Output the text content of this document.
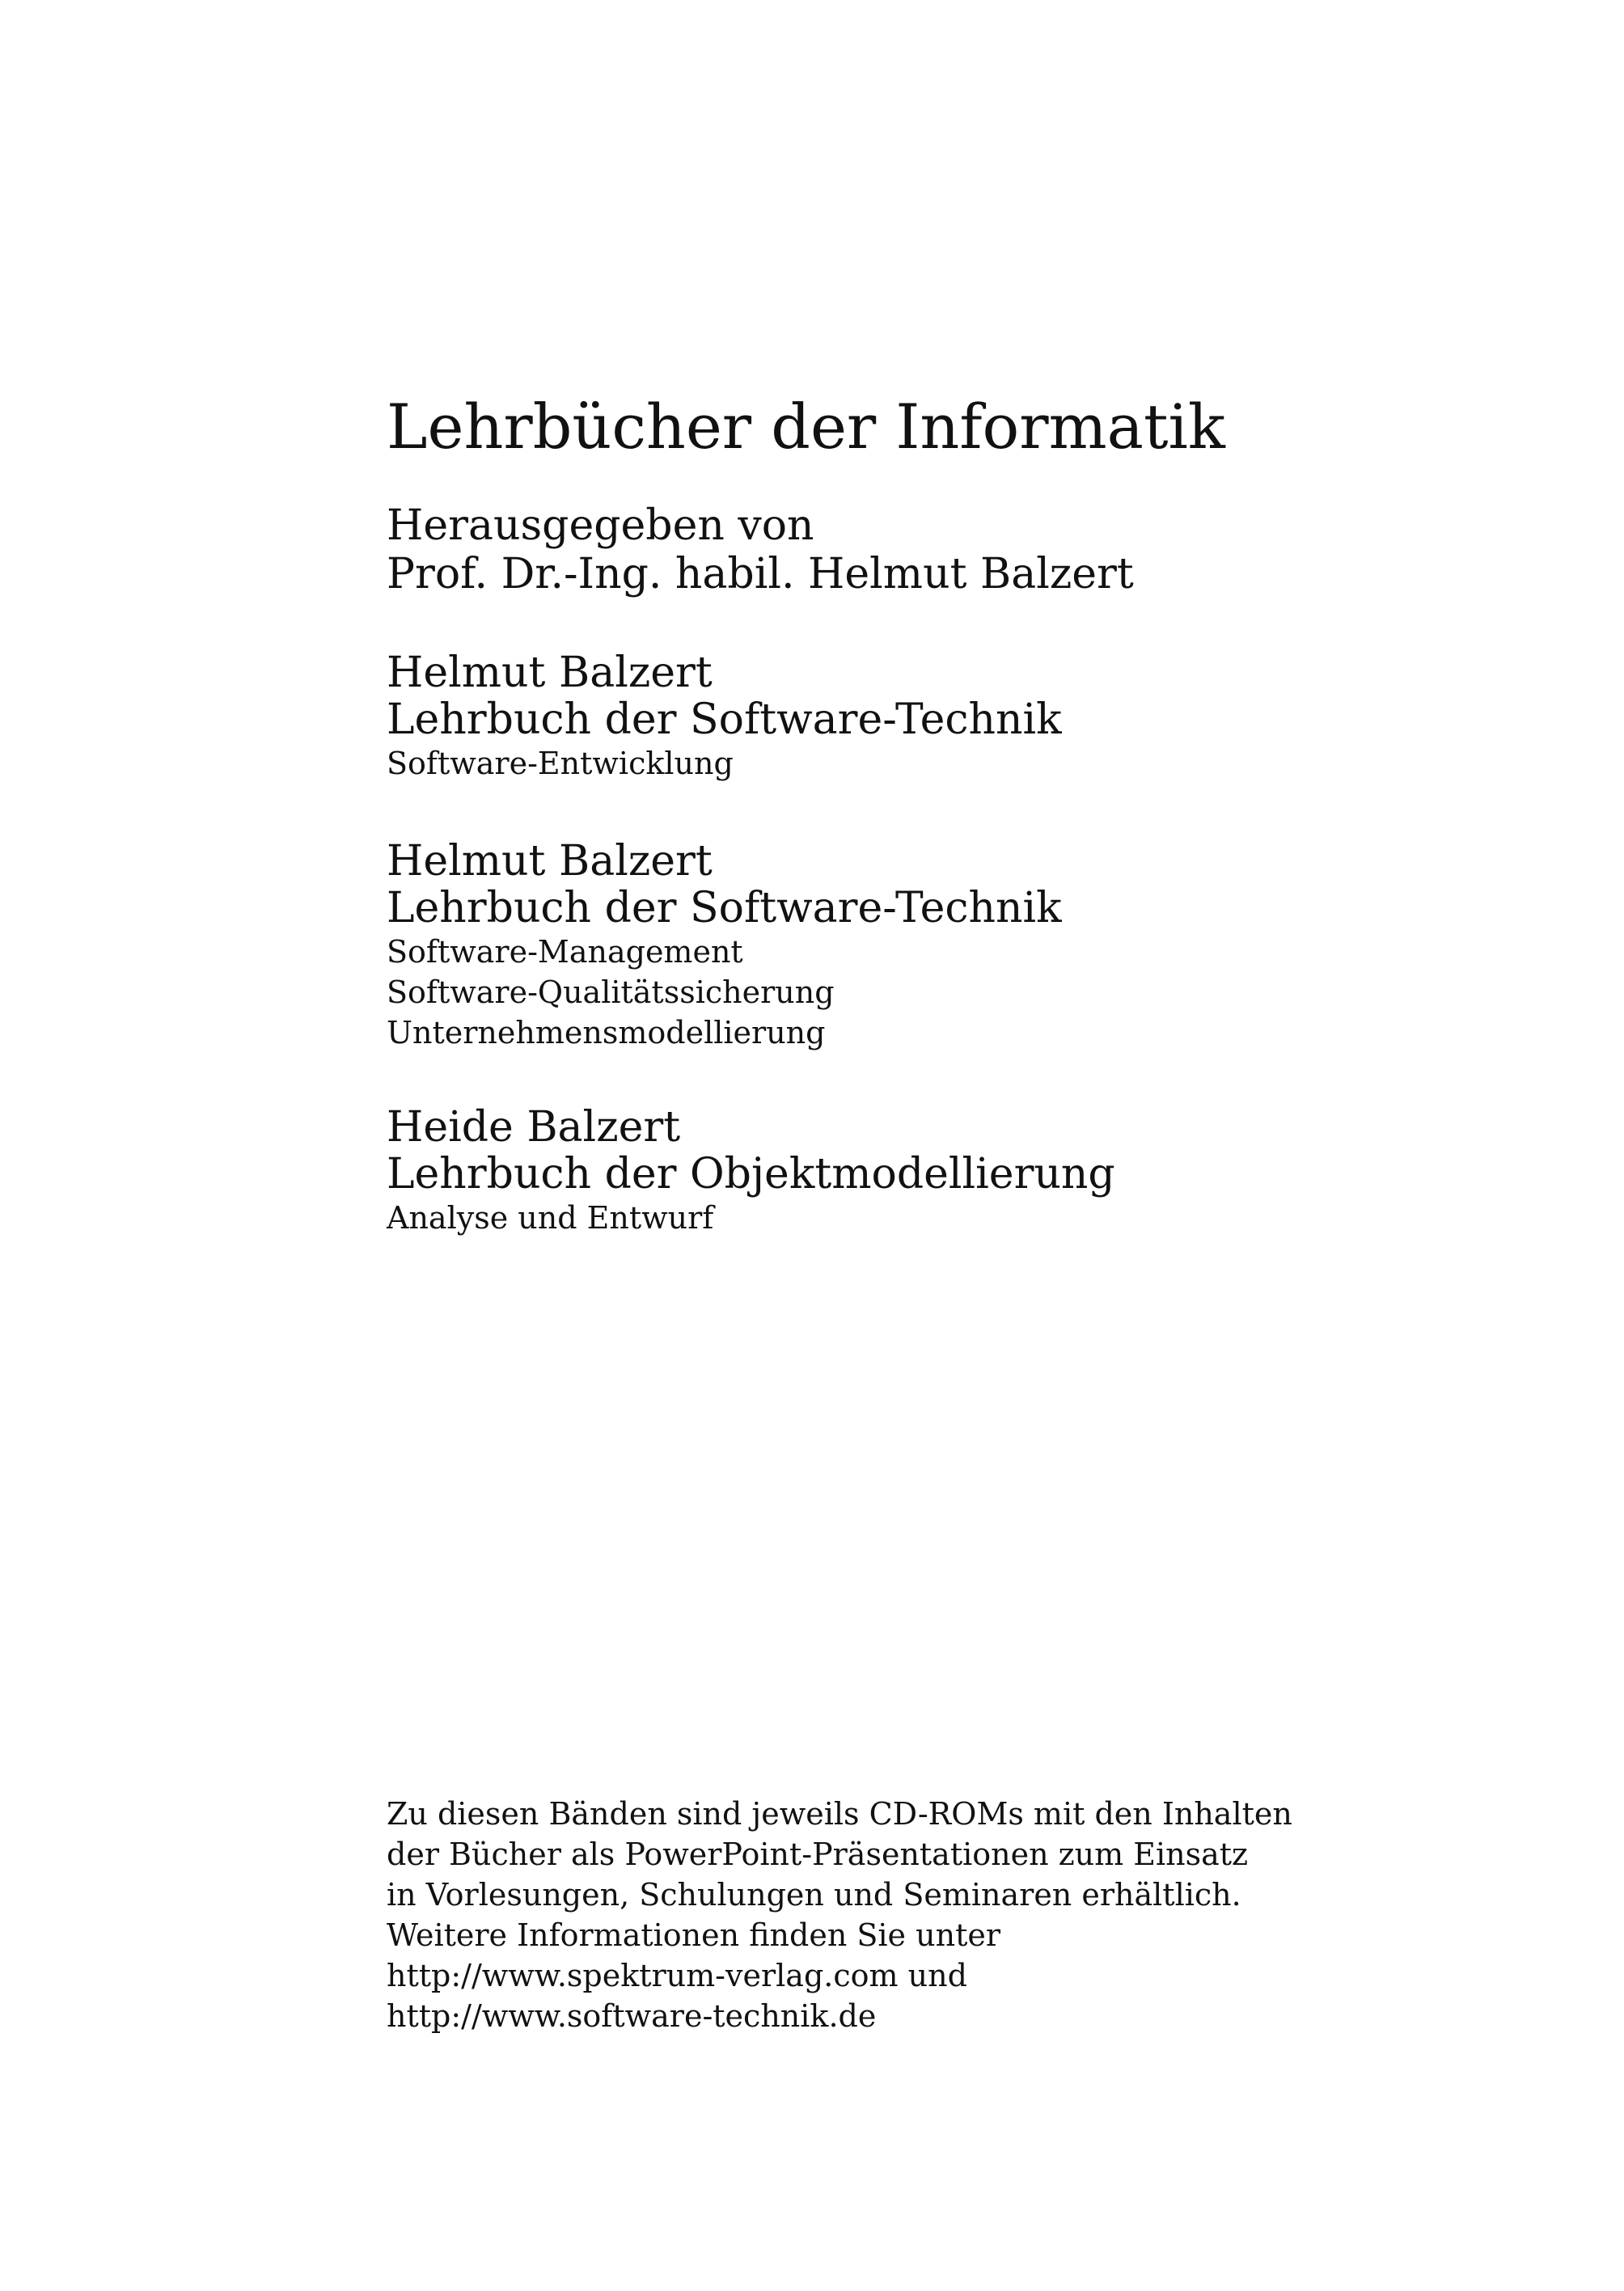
Lehrbücher der Informatik
Herausgegeben von
Prof. Dr.-Ing. habil. Helmut Balzert
Helmut Balzert
Lehrbuch der Software-Technik
Software-Entwicklung
Helmut Balzert
Lehrbuch der Software-Technik
Software-Management
Software-Qualitätssicherung
Unternehmensmodellierung
Heide Balzert
Lehrbuch der Objektmodellierung
Analyse und Entwurf
Zu diesen Bänden sind jeweils CD-ROMs mit den Inhalten
der Bücher als PowerPoint-Präsentationen zum Einsatz
in Vorlesungen, Schulungen und Seminaren erhältlich.
Weitere Informationen finden Sie unter
http://www.spektrum-verlag.com und
http://www.software-technik.de
